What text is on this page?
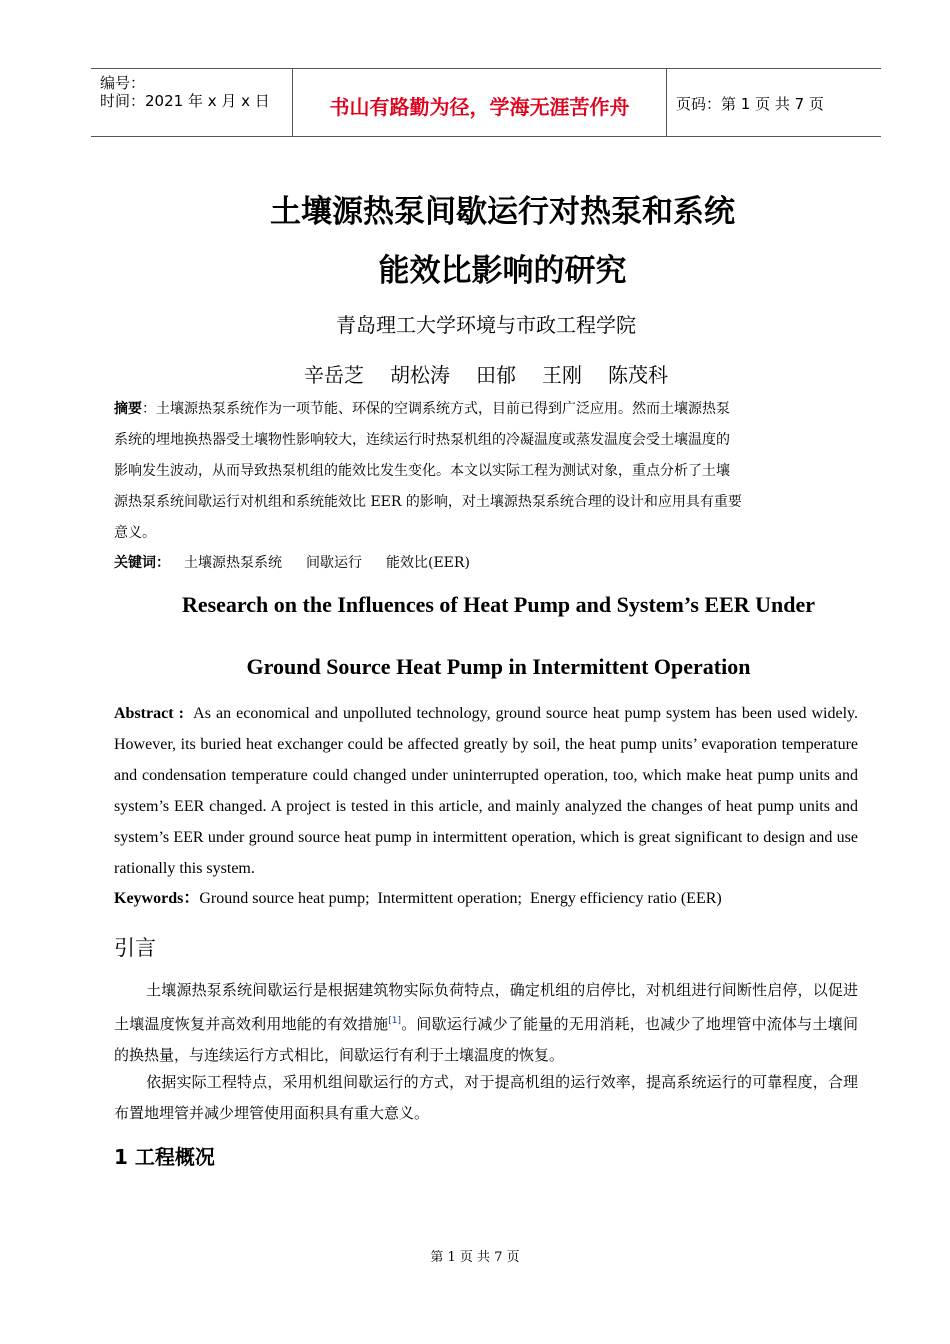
编号：
时间：2021 年 x 月 x 日	书山有路勤为径，学海无涯苦作舟	页码：第 1 页 共 7 页
土壤源热泵间歇运行对热泵和系统
能效比影响的研究
青岛理工大学环境与市政工程学院
辛岳芝 胡松涛 田郁 王刚 陈茂科
摘要：土壤源热泵系统作为一项节能、环保的空调系统方式，目前已得到广泛应用。然而土壤源热泵
系统的埋地换热器受土壤物性影响较大，连续运行时热泵机组的冷凝温度或蒸发温度会受土壤温度的
影响发生波动，从而导致热泵机组的能效比发生变化。本文以实际工程为测试对象，重点分析了土壤
源热泵系统间歇运行对机组和系统能效比 EER 的影响，对土壤源热泵系统合理的设计和应用具有重要
意义。
关键词： 土壤源热泵系统 间歇运行 能效比(EER)
Research on the Influences of Heat Pump and System’s EER Under
Ground Source Heat Pump in Intermittent Operation
Abstract : As an economical and unpolluted technology, ground source heat pump system has been used widely. However, its buried heat exchanger could be affected greatly by soil, the heat pump units’ evaporation temperature and condensation temperature could changed under uninterrupted operation, too, which make heat pump units and system’s EER changed. A project is tested in this article, and mainly analyzed the changes of heat pump units and system’s EER under ground source heat pump in intermittent operation, which is great significant to design and use rationally this system.
Keywords：Ground source heat pump; Intermittent operation; Energy efficiency ratio (EER)
引言
土壤源热泵系统间歇运行是根据建筑物实际负荷特点，确定机组的启停比，对机组进行间断性启停，以促进土壤温度恢复并高效利用地能的有效措施[1]。间歇运行减少了能量的无用消耗，也减少了地埋管中流体与土壤间的换热量，与连续运行方式相比，间歇运行有利于土壤温度的恢复。
依据实际工程特点，采用机组间歇运行的方式，对于提高机组的运行效率，提高系统运行的可靠程度，合理布置地埋管并减少埋管使用面积具有重大意义。
1 工程概况
第 1 页 共 7 页
